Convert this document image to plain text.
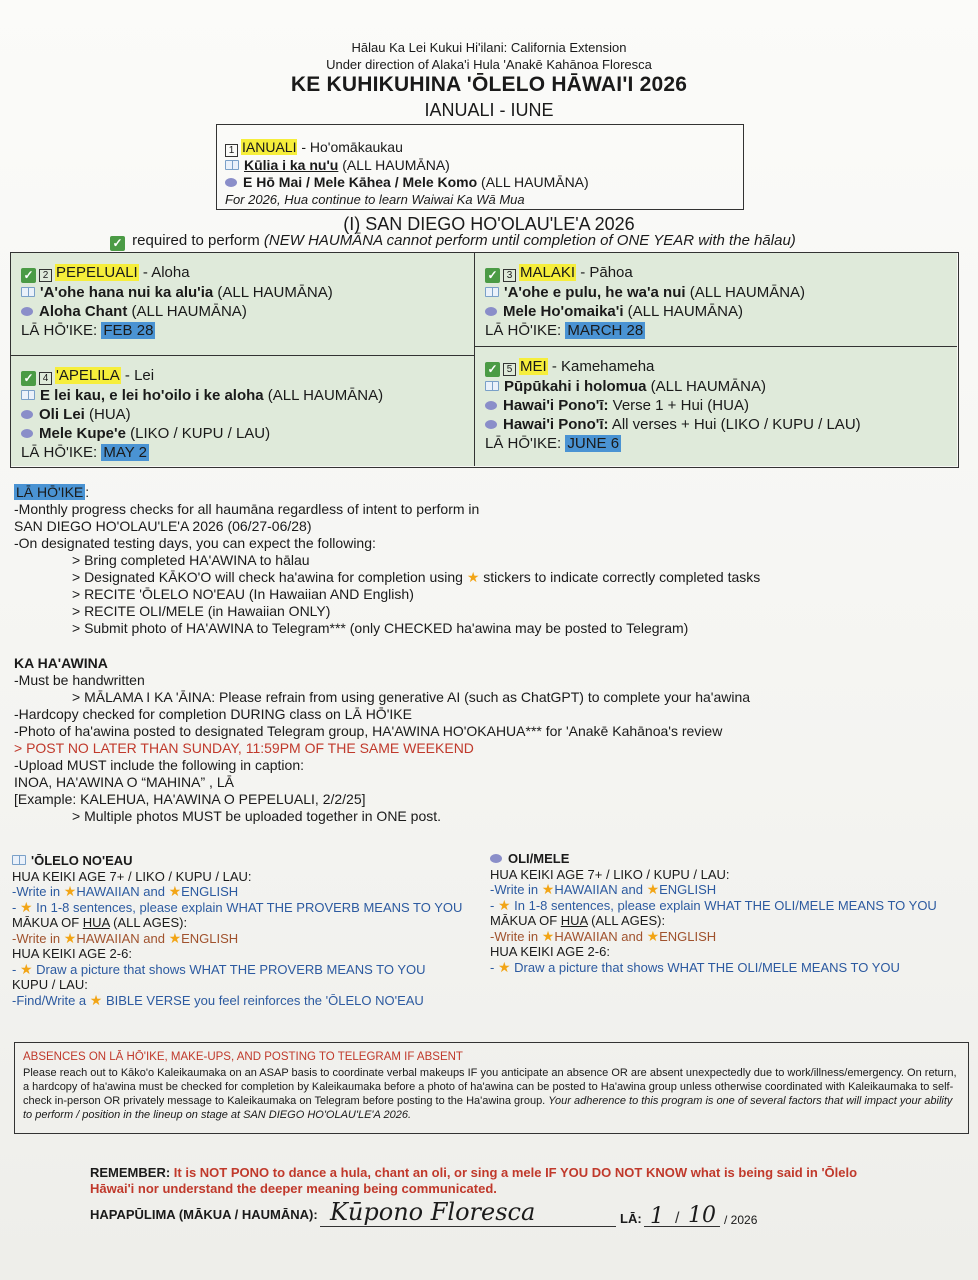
Hālau Ka Lei Kukui Hi'ilani: California Extension
Under direction of Alaka'i Hula 'Anakē Kahānoa Floresca
KE KUHIKUHINA 'ŌLELO HĀWAI'I 2026
IANUALI - IUNE
1 IANUALI - Ho'omākaukau
Kūlia i ka nu'u (ALL HAUMĀNA)
E Hō Mai / Mele Kāhea / Mele Komo (ALL HAUMĀNA)
For 2026, Hua continue to learn Waiwai Ka Wā Mua
(I) SAN DIEGO HO'OLAU'LE'A 2026
✓ required to perform (NEW HAUMĀNA cannot perform until completion of ONE YEAR with the hālau)
✓ 2 PEPELUALI - Aloha
'A'ohe hana nui ka alu'ia (ALL HAUMĀNA)
Aloha Chant (ALL HAUMĀNA)
LĀ HŌ'IKE: FEB 28
✓ 3 MALAKI - Pāhoa
'A'ohe e pulu, he wa'a nui (ALL HAUMĀNA)
Mele Ho'omaika'i (ALL HAUMĀNA)
LĀ HŌ'IKE: MARCH 28
✓ 4 'APELILA - Lei
E lei kau, e lei ho'oilo i ke aloha (ALL HAUMĀNA)
Oli Lei (HUA)
Mele Kupe'e (LIKO / KUPU / LAU)
LĀ HŌ'IKE: MAY 2
✓ 5 MEI - Kamehameha
Pūpūkahi i holomua (ALL HAUMĀNA)
Hawai'i Pono'ī: Verse 1 + Hui (HUA)
Hawai'i Pono'ī: All verses + Hui (LIKO / KUPU / LAU)
LĀ HŌ'IKE: JUNE 6
LĀ HŌ'IKE :
-Monthly progress checks for all haumāna regardless of intent to perform in
SAN DIEGO HO'OLAU'LE'A 2026 (06/27-06/28)
-On designated testing days, you can expect the following:
> Bring completed HA'AWINA to hālau
> Designated KĀKO'O will check ha'awina for completion using ★ stickers to indicate correctly completed tasks
> RECITE 'ŌLELO NO'EAU (In Hawaiian AND English)
> RECITE OLI/MELE (in Hawaiian ONLY)
> Submit photo of HA'AWINA to Telegram*** (only CHECKED ha'awina may be posted to Telegram)
KA HA'AWINA
-Must be handwritten
> MĀLAMA I KA 'ĀINA: Please refrain from using generative AI (such as ChatGPT) to complete your ha'awina
-Hardcopy checked for completion DURING class on LĀ HŌ'IKE
-Photo of ha'awina posted to designated Telegram group, HA'AWINA HO'OKAHUA*** for 'Anakē Kahānoa's review
> POST NO LATER THAN SUNDAY, 11:59PM OF THE SAME WEEKEND
-Upload MUST include the following in caption:
INOA, HA'AWINA O “MAHINA” , LĀ
[Example: KALEHUA, HA'AWINA O PEPELUALI, 2/2/25]
> Multiple photos MUST be uploaded together in ONE post.
'ŌLELO NO'EAU
HUA KEIKI AGE 7+ / LIKO / KUPU / LAU:
-Write in ★HAWAIIAN and ★ENGLISH
- ★ In 1-8 sentences, please explain WHAT THE PROVERB MEANS TO YOU
MĀKUA OF HUA (ALL AGES):
-Write in ★HAWAIIAN and ★ENGLISH
HUA KEIKI AGE 2-6:
- ★ Draw a picture that shows WHAT THE PROVERB MEANS TO YOU
KUPU / LAU:
-Find/Write a ★ BIBLE VERSE you feel reinforces the 'ŌLELO NO'EAU
OLI/MELE
HUA KEIKI AGE 7+ / LIKO / KUPU / LAU:
-Write in ★HAWAIIAN and ★ENGLISH
- ★ In 1-8 sentences, please explain WHAT THE OLI/MELE MEANS TO YOU
MĀKUA OF HUA (ALL AGES):
-Write in ★HAWAIIAN and ★ENGLISH
HUA KEIKI AGE 2-6:
- ★ Draw a picture that shows WHAT THE OLI/MELE MEANS TO YOU
ABSENCES ON LĀ HŌ'IKE, MAKE-UPS, AND POSTING TO TELEGRAM IF ABSENT
Please reach out to Kāko'o Kaleikaumaka on an ASAP basis to coordinate verbal makeups IF you anticipate an absence OR are absent unexpectedly due to work/illness/emergency. On return, a hardcopy of ha'awina must be checked for completion by Kaleikaumaka before a photo of ha'awina can be posted to Ha'awina group unless otherwise coordinated with Kaleikaumaka to self-check in-person OR privately message to Kaleikaumaka on Telegram before posting to the Ha'awina group. Your adherence to this program is one of several factors that will impact your ability to perform / position in the lineup on stage at SAN DIEGO HO'OLAU'LE'A 2026.
REMEMBER: It is NOT PONO to dance a hula, chant an oli, or sing a mele IF YOU DO NOT KNOW what is being said in 'Ōlelo Hāwai'i nor understand the deeper meaning being communicated.
HAPAPŪLIMA (MĀKUA / HAUMĀNA):	LĀ:	/ 2026
Kūpono Floresca	1 / 10
